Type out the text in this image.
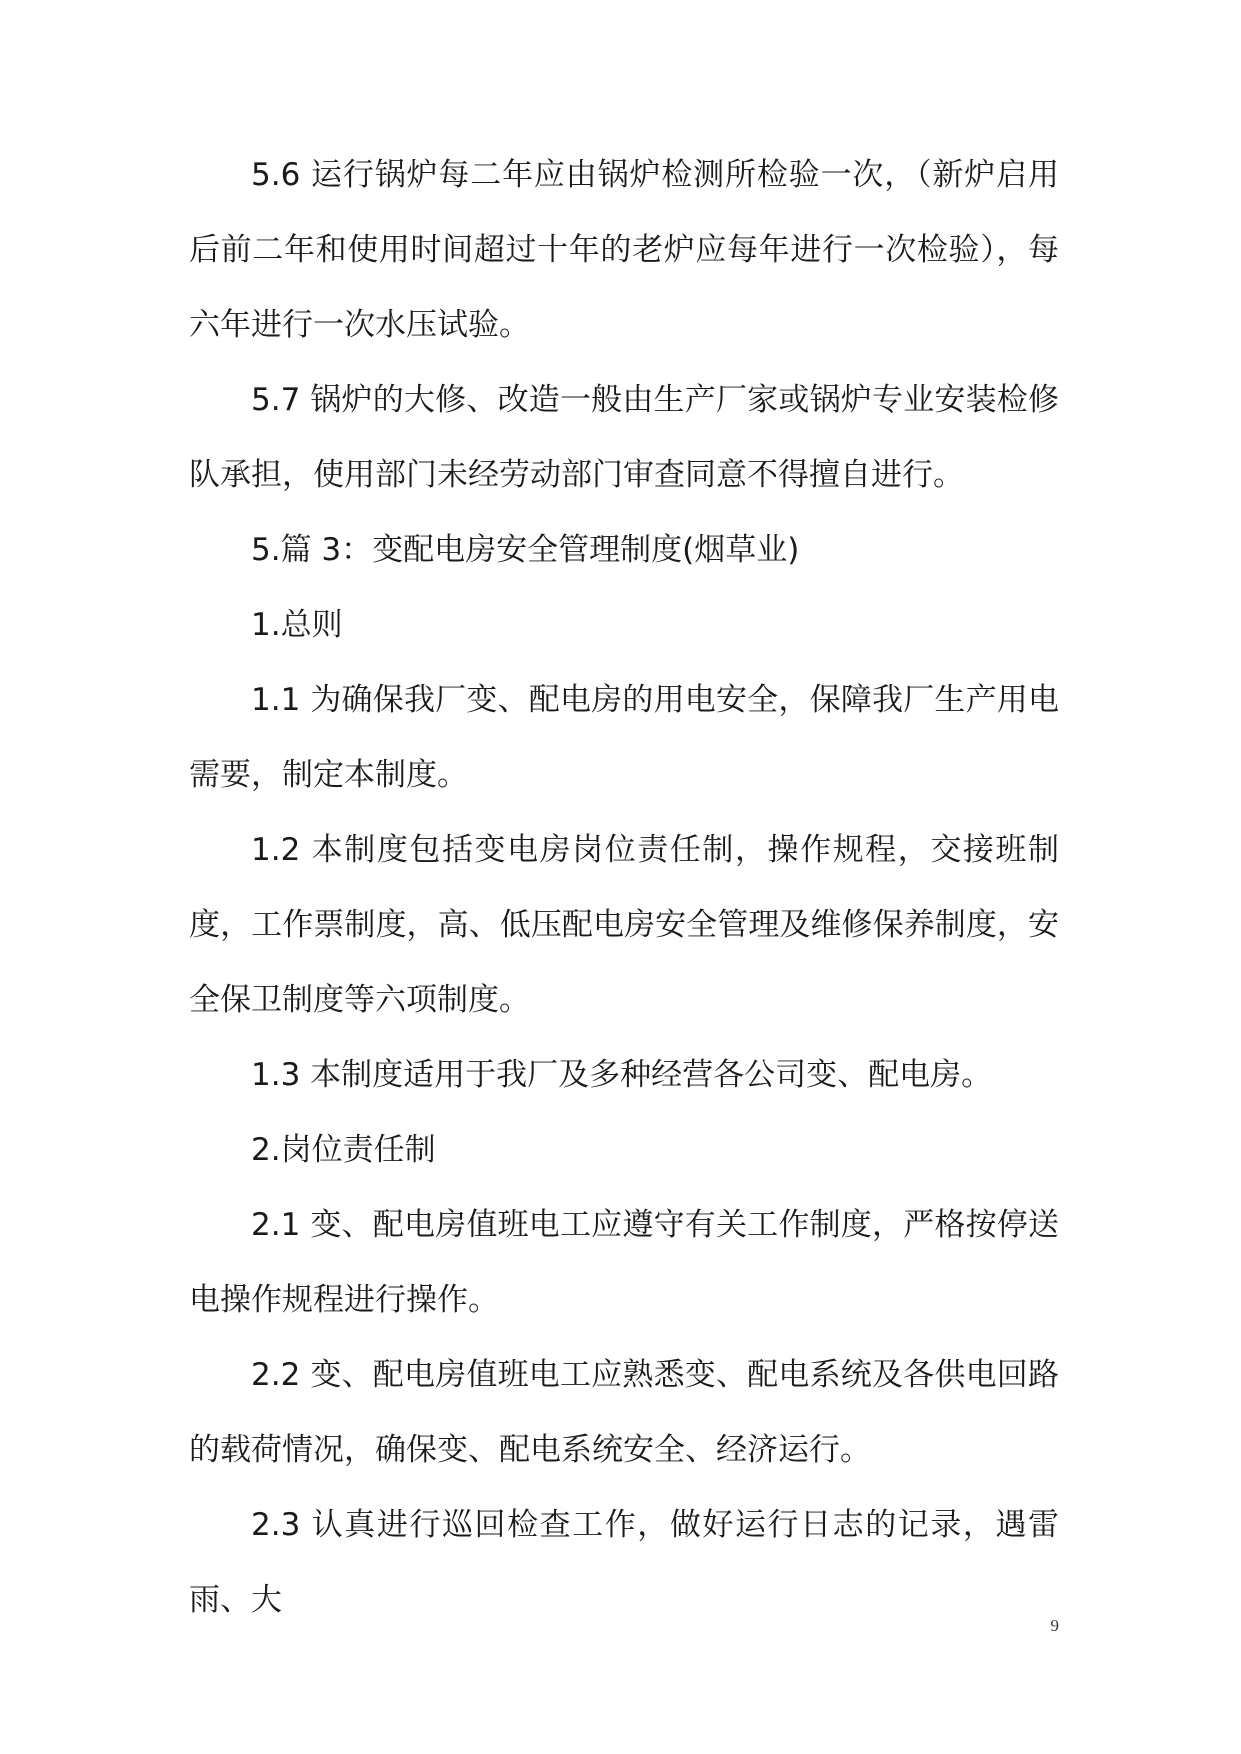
5.6 运行锅炉每二年应由锅炉检测所检验一次，（新炉启用后前二年和使用时间超过十年的老炉应每年进行一次检验），每六年进行一次水压试验。

5.7 锅炉的大修、改造一般由生产厂家或锅炉专业安装检修队承担，使用部门未经劳动部门审查同意不得擅自进行。

5.篇 3：变配电房安全管理制度(烟草业)

1.总则

1.1 为确保我厂变、配电房的用电安全，保障我厂生产用电需要，制定本制度。

1.2 本制度包括变电房岗位责任制，操作规程，交接班制度，工作票制度，高、低压配电房安全管理及维修保养制度，安全保卫制度等六项制度。

1.3 本制度适用于我厂及多种经营各公司变、配电房。

2.岗位责任制

2.1 变、配电房值班电工应遵守有关工作制度，严格按停送电操作规程进行操作。

2.2 变、配电房值班电工应熟悉变、配电系统及各供电回路的载荷情况，确保变、配电系统安全、经济运行。

2.3 认真进行巡回检查工作，做好运行日志的记录，遇雷雨、大

9
